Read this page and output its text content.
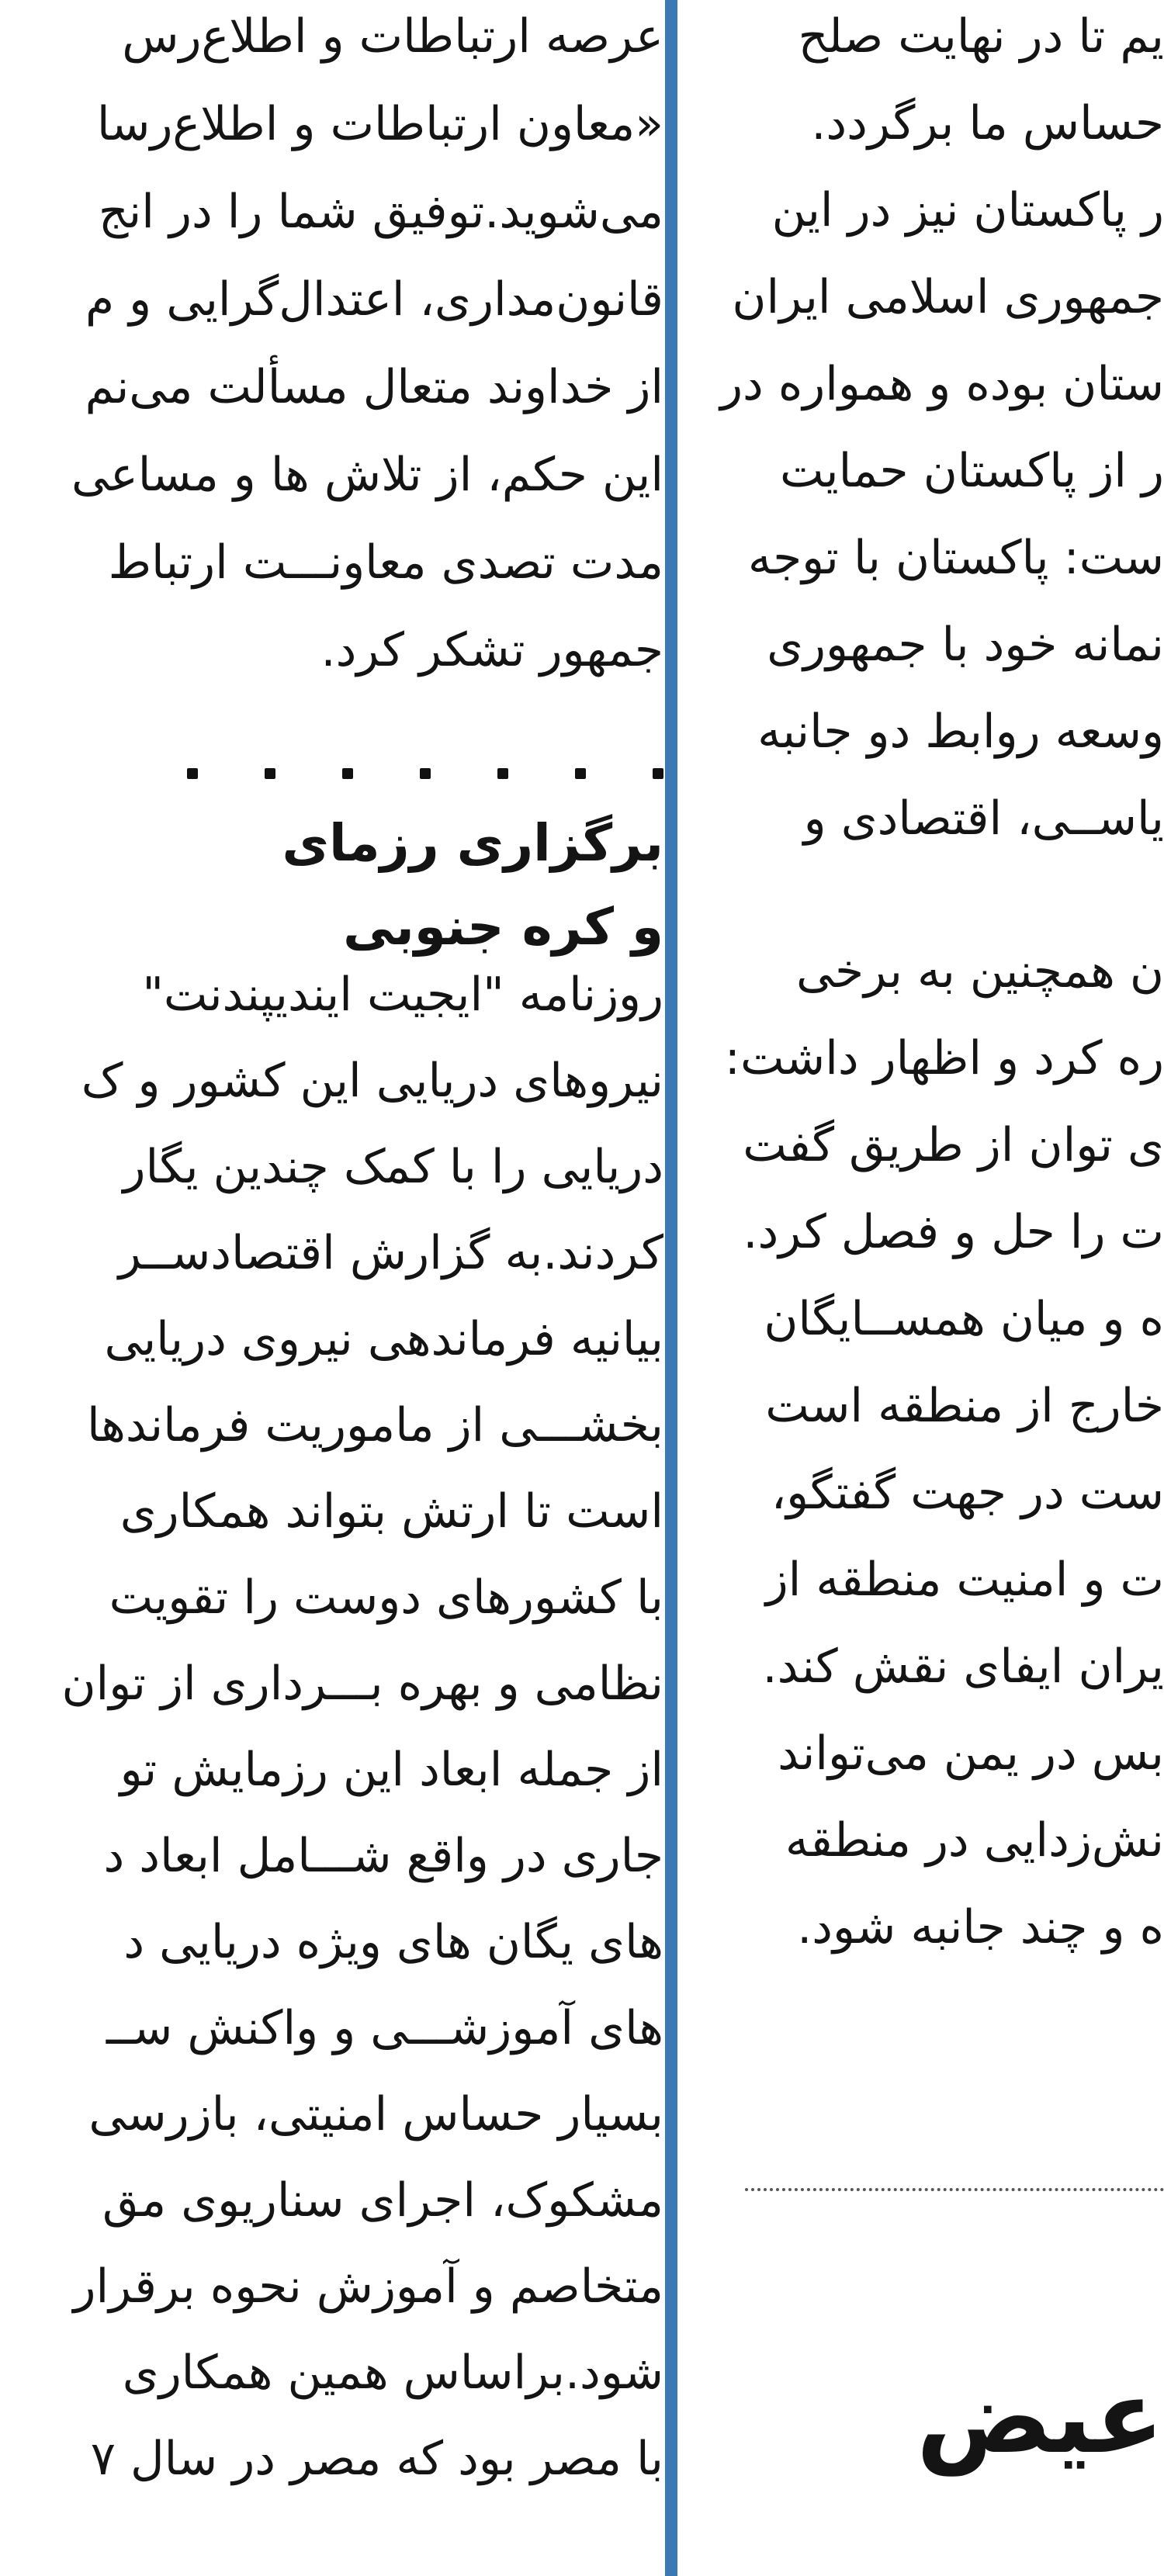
عرصه ارتباطات و اطلاع‌رس
«معاون ارتباطات و اطلاع‌رسا
می‌شوید.توفیق شما را در انج
قانون‌مداری، اعتدال‌گرایی و م
از خداوند متعال مسألت می‌نم
این حکم، از تلاش ها و مساعی
مدت تصدی معاونـــت ارتباط
جمهور تشکر کرد.
برگزاری رزمای
و کره جنوبی
روزنامه "ایجیت ایندیپندنت"
نیروهای دریایی این کشور و ک
دریایی را با کمک چندین یگار
کردند.به گزارش اقتصادســر
بیانیه فرماندهی نیروی دریایی
بخشـــی از ماموریت فرماندها
است تا ارتش بتواند همکاری
با کشورهای دوست را تقویت
نظامی و بهره بـــرداری از توان
از جمله ابعاد این رزمایش تو
جاری در واقع شـــامل ابعاد د
های یگان های ویژه دریایی د
های آموزشـــی و واکنش ســ
بسیار حساس امنیتی، بازرسی
مشکوک، اجرای سناریوی مق
متخاصم و آموزش نحوه برقرار
شود.براساس همین همکاری
با مصر بود که مصر در سال ۷
یم تا در نهایت صلح
حساس ما برگردد.
ر پاکستان نیز در این
جمهوری اسلامی ایران
ستان بوده و همواره در
ر از پاکستان حمایت
ست: پاکستان با توجه
نمانه خود با جمهوری
وسعه روابط دو جانبه
یاســی، اقتصادی و
ن همچنین به برخی
ره کرد و اظهار داشت:
ی توان از طریق گفت
ت را حل و فصل کرد.
ه و میان همســایگان
خارج از منطقه است
ست در جهت گفتگو،
ت و امنیت منطقه از
یران ایفای نقش کند.
بس در یمن می‌تواند
نش‌زدایی در منطقه
ه و چند جانبه شود.
عیض
